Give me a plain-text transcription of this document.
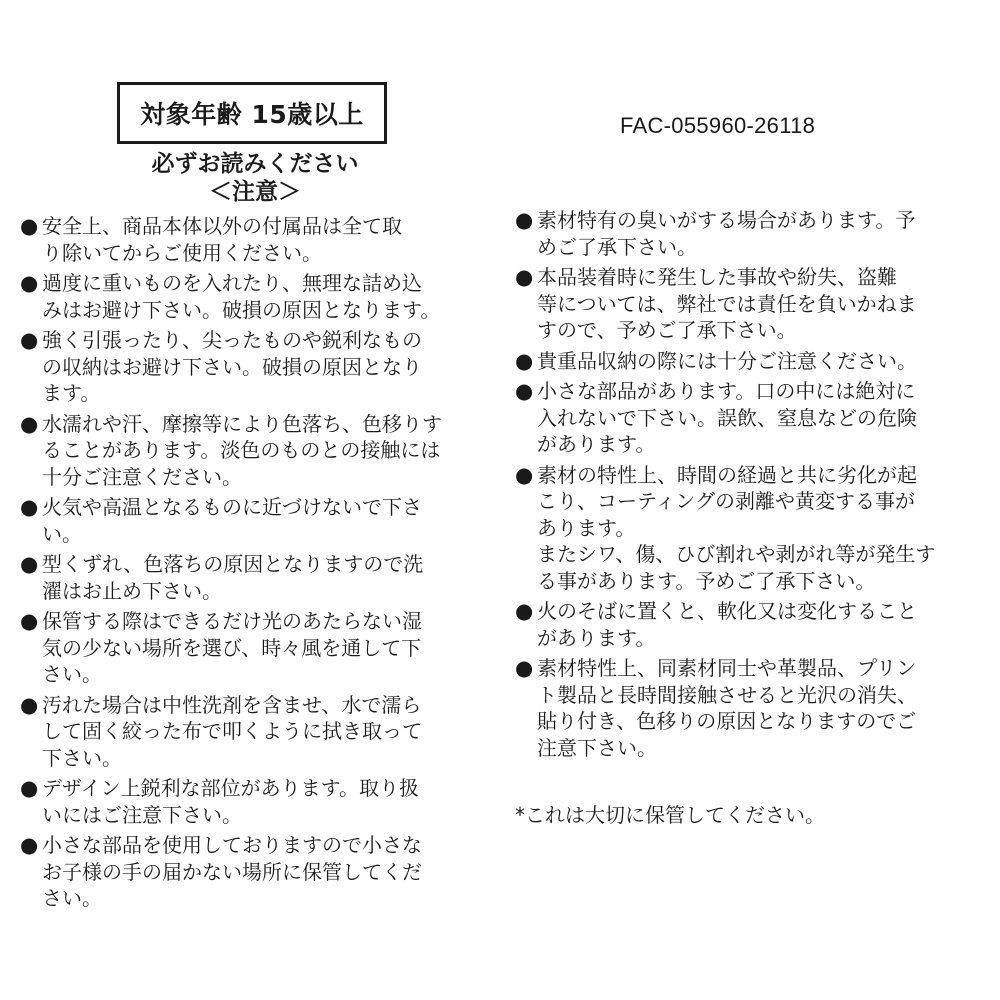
対象年齢 15歳以上	FAC-055960-26118
必ずお読みください
＜注意＞
● 安全上、商品本体以外の付属品は全て取
り除いてからご使用ください。
● 過度に重いものを入れたり、無理な詰め込
みはお避け下さい。破損の原因となります。
● 強く引張ったり、尖ったものや鋭利なもの
の収納はお避け下さい。破損の原因となり
ます。
● 水濡れや汗、摩擦等により色落ち、色移りす
ることがあります。淡色のものとの接触には
十分ご注意ください。
● 火気や高温となるものに近づけないで下さ
い。
● 型くずれ、色落ちの原因となりますので洗
濯はお止め下さい。
● 保管する際はできるだけ光のあたらない湿
気の少ない場所を選び、時々風を通して下
さい。
● 汚れた場合は中性洗剤を含ませ、水で濡ら
して固く絞った布で叩くように拭き取って
下さい。
● デザイン上鋭利な部位があります。取り扱
いにはご注意下さい。
● 小さな部品を使用しておりますので小さな
お子様の手の届かない場所に保管してくだ
さい。
● 素材特有の臭いがする場合があります。予
めご了承下さい。
● 本品装着時に発生した事故や紛失、盗難
等については、弊社では責任を負いかねま
すので、予めご了承下さい。
● 貴重品収納の際には十分ご注意ください。
● 小さな部品があります。口の中には絶対に
入れないで下さい。誤飲、窒息などの危険
があります。
● 素材の特性上、時間の経過と共に劣化が起
こり、コーティングの剥離や黄変する事が
あります。
またシワ、傷、ひび割れや剥がれ等が発生す
る事があります。予めご了承下さい。
● 火のそばに置くと、軟化又は変化すること
があります。
● 素材特性上、同素材同士や革製品、プリン
ト製品と長時間接触させると光沢の消失、
貼り付き、色移りの原因となりますのでご
注意下さい。
*これは大切に保管してください。
